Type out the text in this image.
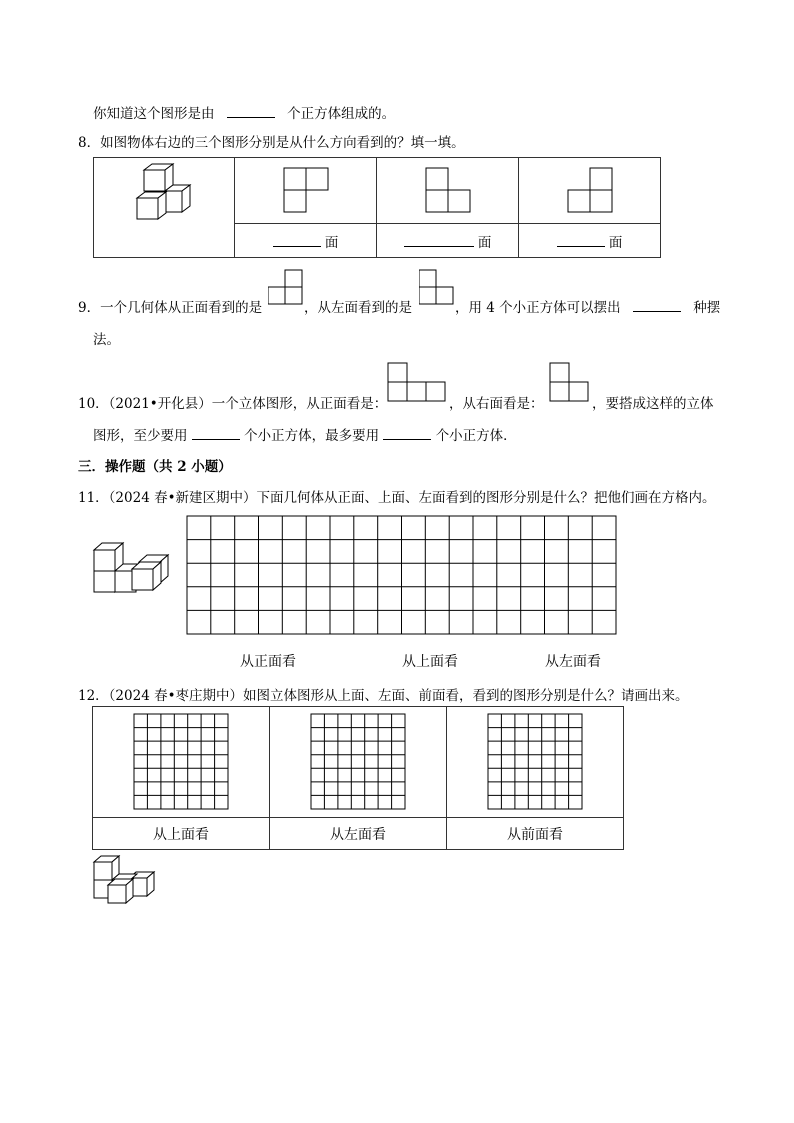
你知道这个图形是由	个正方体组成的。
8．如图物体右边的三个图形分别是从什么方向看到的？填一填。

	面	面	面
9．一个几何体从正面看到的是	，从左面看到的是	，用 4 个小正方体可以摆出	种摆
法。
10．（2021•开化县）一个立体图形，从正面看是：	，从右面看是：	，要搭成这样的立体
图形，至少要用	个小正方体，最多要用	个小正方体．
三．操作题（共 2 小题）
11．（2024 春•新建区期中）下面几何体从正面、上面、左面看到的图形分别是什么？把他们画在方格内。
从正面看	从上面看	从左面看
12．（2024 春•枣庄期中）如图立体图形从上面、左面、前面看，看到的图形分别是什么？请画出来。

从上面看	从左面看	从前面看
